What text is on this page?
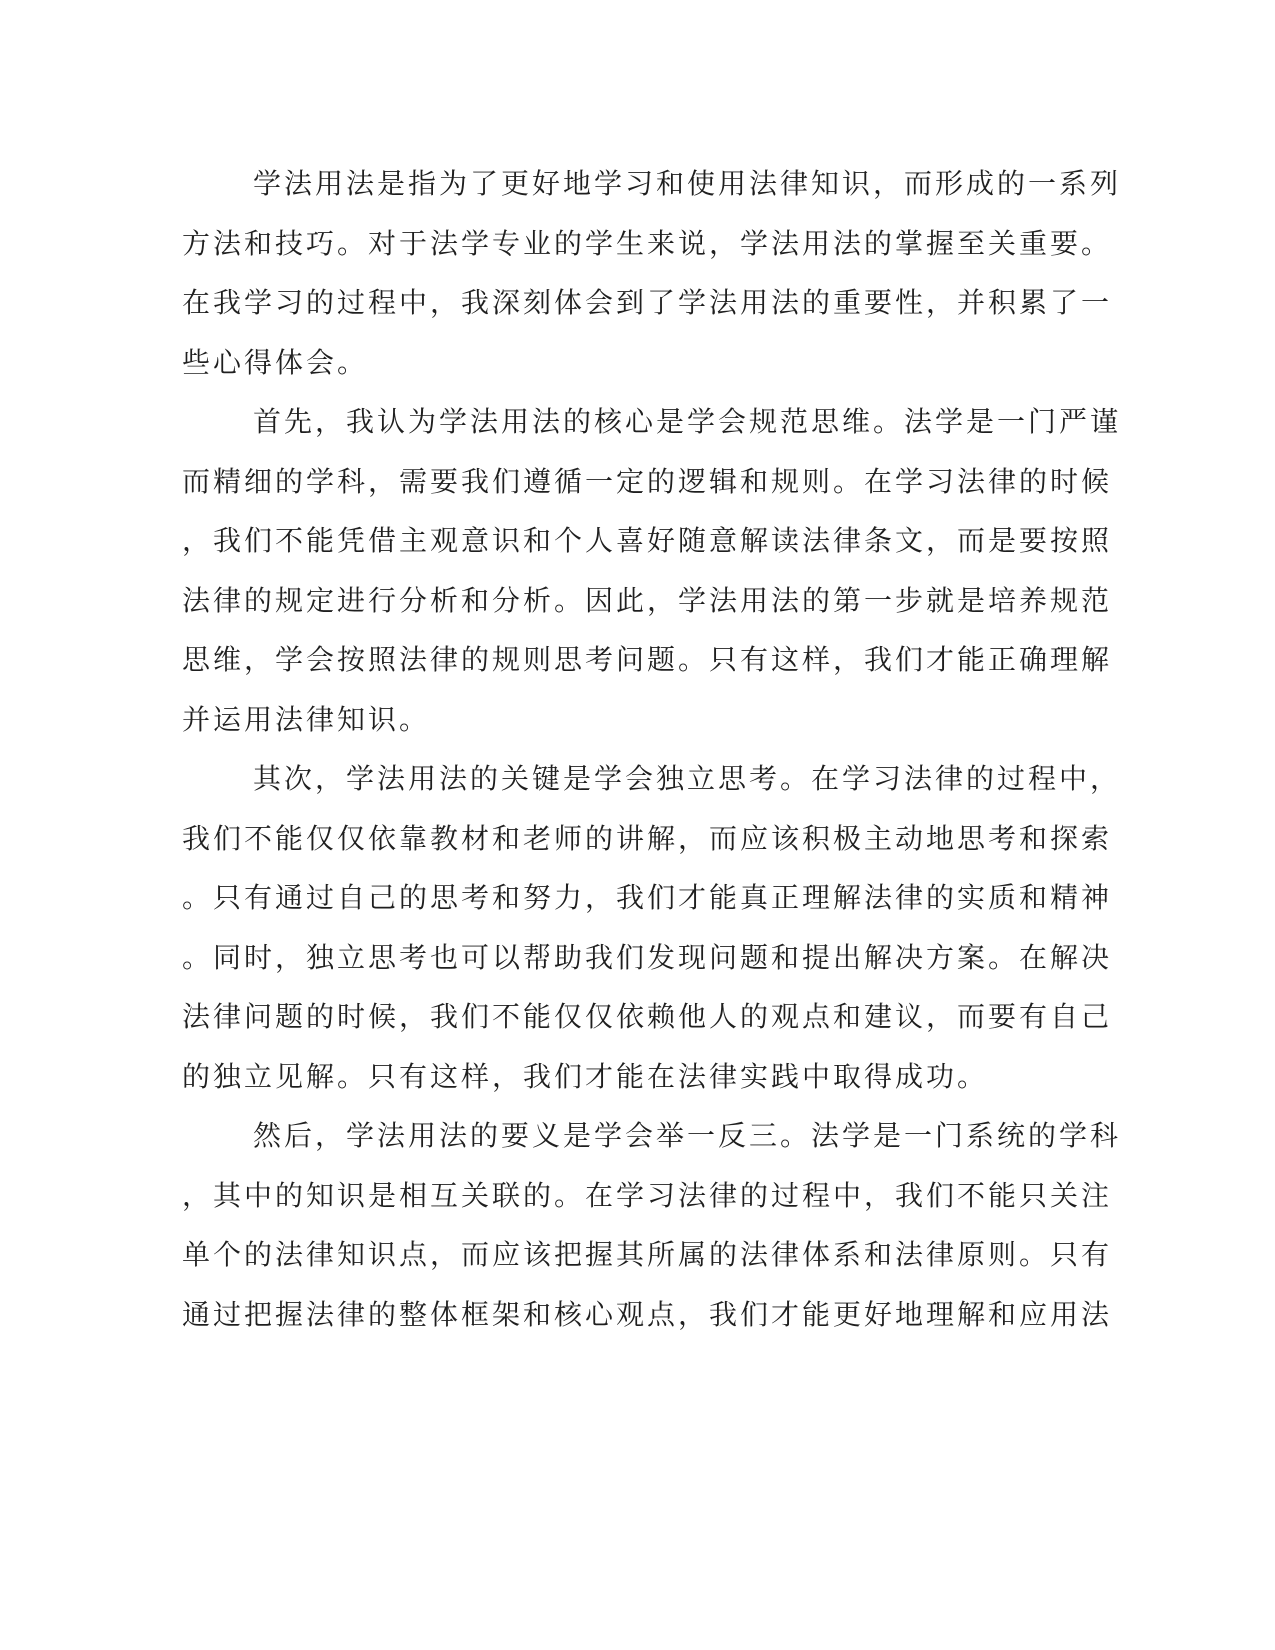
学法用法是指为了更好地学习和使用法律知识，而形成的一系列
方法和技巧。对于法学专业的学生来说，学法用法的掌握至关重要。
在我学习的过程中，我深刻体会到了学法用法的重要性，并积累了一
些心得体会。

首先，我认为学法用法的核心是学会规范思维。法学是一门严谨
而精细的学科，需要我们遵循一定的逻辑和规则。在学习法律的时候
，我们不能凭借主观意识和个人喜好随意解读法律条文，而是要按照
法律的规定进行分析和分析。因此，学法用法的第一步就是培养规范
思维，学会按照法律的规则思考问题。只有这样，我们才能正确理解
并运用法律知识。

其次，学法用法的关键是学会独立思考。在学习法律的过程中，
我们不能仅仅依靠教材和老师的讲解，而应该积极主动地思考和探索
。只有通过自己的思考和努力，我们才能真正理解法律的实质和精神
。同时，独立思考也可以帮助我们发现问题和提出解决方案。在解决
法律问题的时候，我们不能仅仅依赖他人的观点和建议，而要有自己
的独立见解。只有这样，我们才能在法律实践中取得成功。

然后，学法用法的要义是学会举一反三。法学是一门系统的学科
，其中的知识是相互关联的。在学习法律的过程中，我们不能只关注
单个的法律知识点，而应该把握其所属的法律体系和法律原则。只有
通过把握法律的整体框架和核心观点，我们才能更好地理解和应用法
